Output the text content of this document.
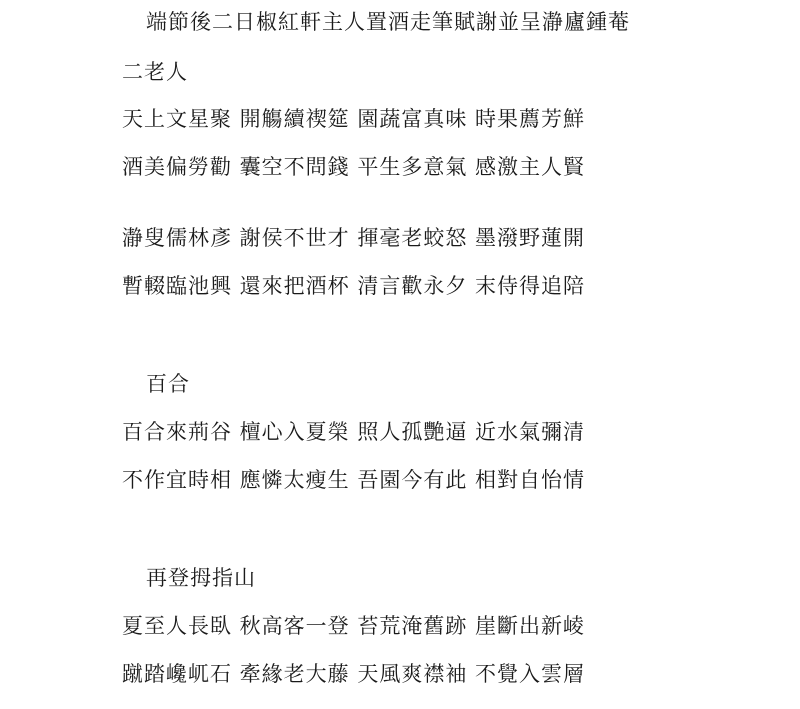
端節後二日椒紅軒主人置酒走筆賦謝並呈瀞廬鍾菴
二老人
天上文星聚 開觴續禊筵 園蔬富真味 時果薦芳鮮
酒美偏勞勸 囊空不問錢 平生多意氣 感激主人賢
瀞叟儒林彥 謝侯不世才 揮毫老蛟怒 墨潑野蓮開
暫輟臨池興 還來把酒杯 清言歡永夕 末侍得追陪
百合
百合來荊谷 檀心入夏榮 照人孤艷逼 近水氣彌清
不作宜時相 應憐太瘦生 吾園今有此 相對自怡情
再登拇指山
夏至人長臥 秋高客一登 苔荒淹舊跡 崖斷出新崚
蹴踏巉屼石 牽緣老大藤 天風爽襟袖 不覺入雲層
